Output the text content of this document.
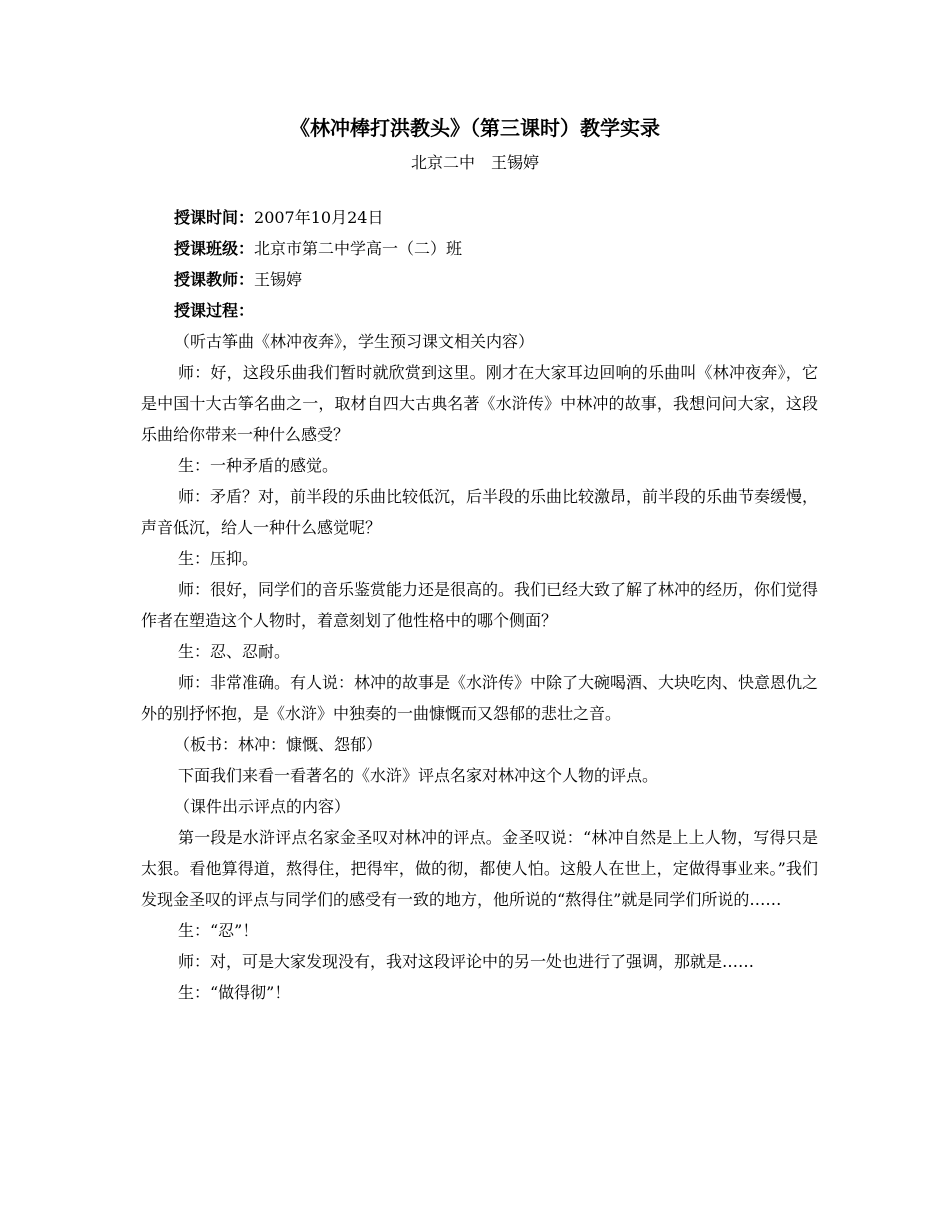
《林冲棒打洪教头》（第三课时）教学实录
北京二中　王锡婷
授课时间：2007年10月24日
授课班级：北京市第二中学高一（二）班
授课教师：王锡婷
授课过程：

（听古筝曲《林冲夜奔》，学生预习课文相关内容）

师：好，这段乐曲我们暂时就欣赏到这里。刚才在大家耳边回响的乐曲叫《林冲夜奔》，它是中国十大古筝名曲之一，取材自四大古典名著《水浒传》中林冲的故事，我想问问大家，这段乐曲给你带来一种什么感受？

生：一种矛盾的感觉。

师：矛盾？对，前半段的乐曲比较低沉，后半段的乐曲比较激昂，前半段的乐曲节奏缓慢，声音低沉，给人一种什么感觉呢？

生：压抑。

师：很好，同学们的音乐鉴赏能力还是很高的。我们已经大致了解了林冲的经历，你们觉得作者在塑造这个人物时，着意刻划了他性格中的哪个侧面？

生：忍、忍耐。

师：非常准确。有人说：林冲的故事是《水浒传》中除了大碗喝酒、大块吃肉、快意恩仇之外的别抒怀抱，是《水浒》中独奏的一曲慷慨而又怨郁的悲壮之音。

（板书：林冲：慷慨、怨郁）

下面我们来看一看著名的《水浒》评点名家对林冲这个人物的评点。

（课件出示评点的内容）

第一段是水浒评点名家金圣叹对林冲的评点。金圣叹说：“林冲自然是上上人物，写得只是太狠。看他算得道，熬得住，把得牢，做的彻，都使人怕。这般人在世上，定做得事业来。”我们发现金圣叹的评点与同学们的感受有一致的地方，他所说的“熬得住”就是同学们所说的……

生：“忍”！

师：对，可是大家发现没有，我对这段评论中的另一处也进行了强调，那就是……

生：“做得彻”！
